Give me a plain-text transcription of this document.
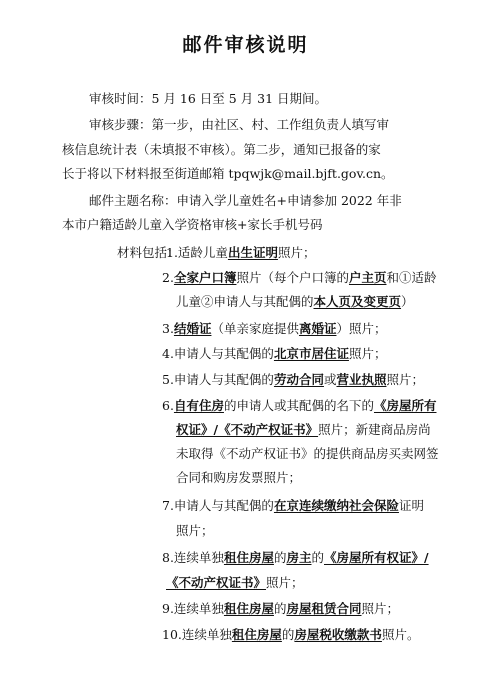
邮件审核说明
审核时间：5 月 16 日至 5 月 31 日期间。
审核步骤：第一步，由社区、村、工作组负责人填写审
核信息统计表（未填报不审核）。第二步，通知已报备的家
长于将以下材料报至街道邮箱 tpqwjk@mail.bjft.gov.cn。
邮件主题名称：申请入学儿童姓名+申请参加 2022 年非
本市户籍适龄儿童入学资格审核+家长手机号码
材料包括：
1.适龄儿童出生证明照片；
2.全家户口簿照片（每个户口簿的户主页和①适龄
儿童②申请人与其配偶的本人页及变更页）
3.结婚证（单亲家庭提供离婚证）照片；
4.申请人与其配偶的北京市居住证照片；
5.申请人与其配偶的劳动合同或营业执照照片；
6.自有住房的申请人或其配偶的名下的《房屋所有
权证》/《不动产权证书》照片；新建商品房尚
未取得《不动产权证书》的提供商品房买卖网签
合同和购房发票照片；
7.申请人与其配偶的在京连续缴纳社会保险证明
照片；
8.连续单独租住房屋的房主的《房屋所有权证》/
《不动产权证书》照片；
9.连续单独租住房屋的房屋租赁合同照片；
10.连续单独租住房屋的房屋税收缴款书照片。
